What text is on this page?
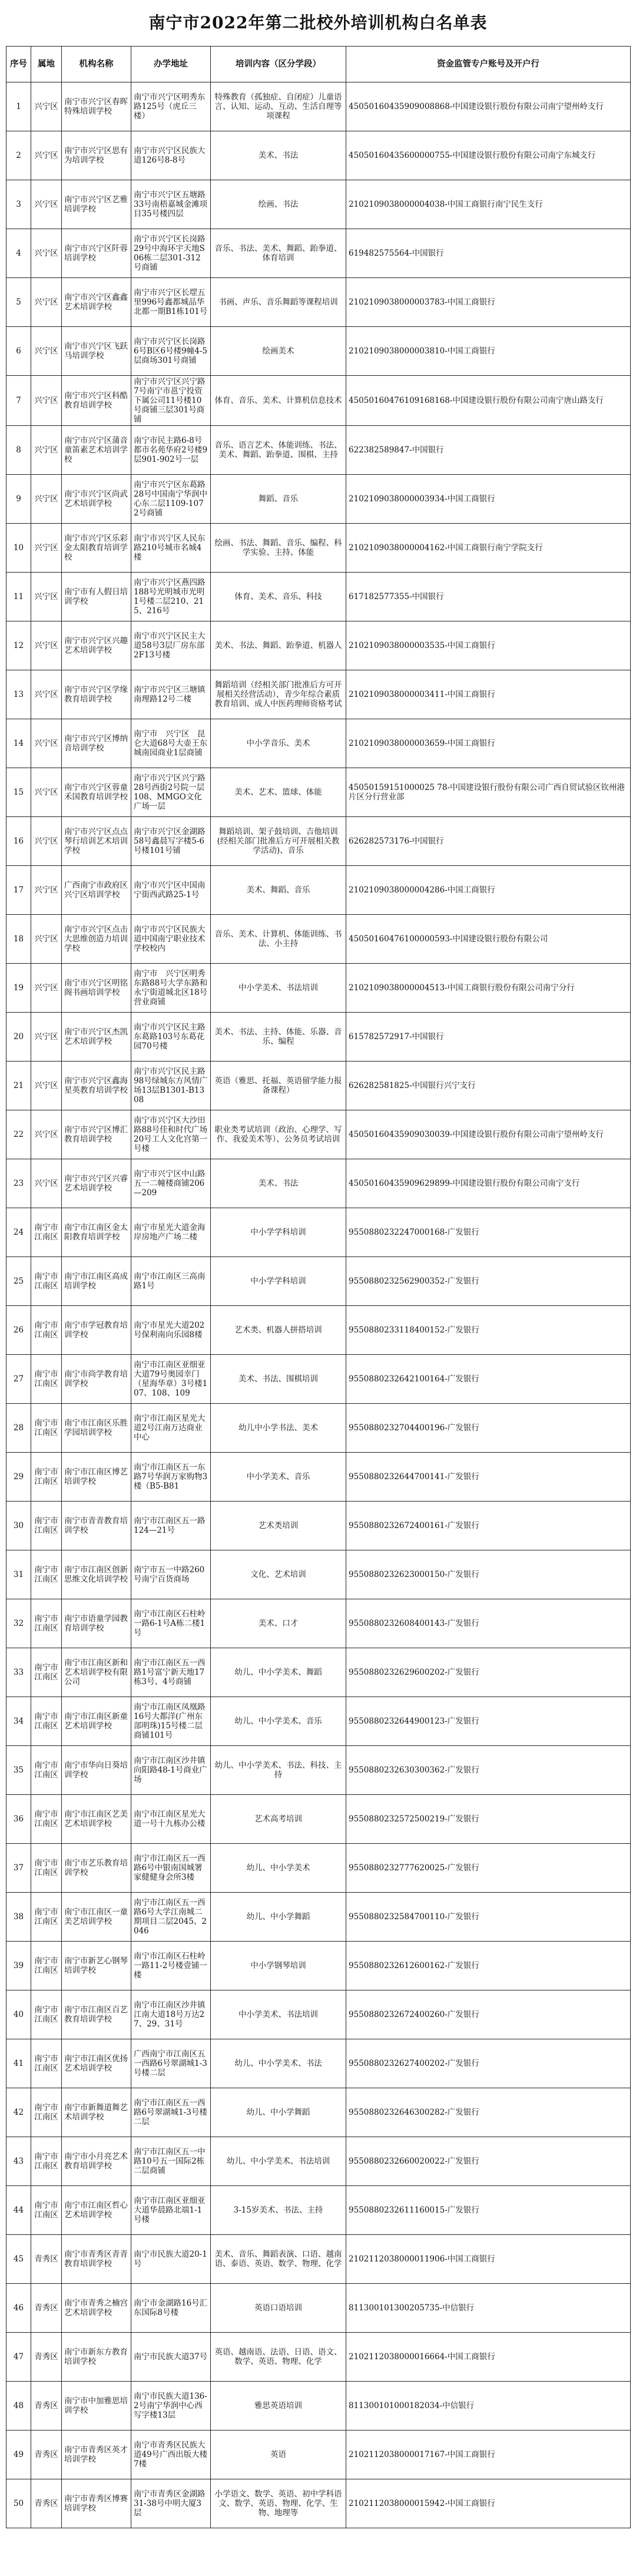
南宁市2022年第二批校外培训机构白名单表
序号	属地	机构名称	办学地址	培训内容（区分学段）	资金监管专户账号及开户行
1	兴宁区	南宁市兴宁区春晖特殊培训学校	南宁市兴宁区明秀东路125号（虎丘三楼）	特殊教育（孤独症、自闭症）儿童语言、认知、运动、互动、生活自理等项课程	45050160435909008868-中国建设银行股份有限公司南宁望州岭支行
2	兴宁区	南宁市兴宁区思有为培训学校	南宁市兴宁区民族大道126号8-8号	美术、书法	45050160435600000755-中国建设银行股份有限公司南宁东城支行
3	兴宁区	南宁市兴宁区艺雅培训学校	南宁市兴宁区五塘路33号南梧嘉城金滩项目35号楼四层	绘画、书法	2102109038000004038-中国工商银行南宁民生支行
4	兴宁区	南宁市兴宁区阡蓉培训学校	南宁市兴宁区长岗路29号中海环宇天地S06栋二层301-312号商铺	音乐、书法、美术、舞蹈、跆拳道、体育培训	619482575564-中国银行
5	兴宁区	南宁市兴宁区鑫鑫艺术培训学校	南宁市兴宁区长堽五里996号鑫都城品华北都一期B1栋101号	书画、声乐、音乐舞蹈等课程培训	2102109038000003783-中国工商银行
6	兴宁区	南宁市兴宁区飞跃马培训学校	南宁市兴宁区长岗路6号B区6号楼9幢4-5层商场301号商铺	绘画美术	2102109038000003810-中国工商银行
7	兴宁区	南宁市兴宁区科酷教育培训学校	南宁市兴宁区兴宁路7号南宁市邕宁投资下属公司11号楼10号商铺三层301号商铺	体育、音乐、美术、计算机信息技术	45050160476109168168-中国建设银行股份有限公司南宁唐山路支行
8	兴宁区	南宁市兴宁区蒲音童笛素艺术培训学校	南宁市民主路6-8号都市名苑华府2号楼9层901-902号一层	音乐、语言艺术、体能训练、书法、美术、舞蹈、跆拳道、围棋、主持	622382589847-中国银行
9	兴宁区	南宁市兴宁区尚武艺术培训学校	南宁市兴宁区东葛路28号中国南宁华润中心东二层1109-1072号商铺	舞蹈、音乐	2102109038000003934-中国工商银行
10	兴宁区	南宁市兴宁区乐彩金太阳教育培训学校	南宁市兴宁区人民东路210号城市名城4楼	绘画、书法、舞蹈、音乐、编程、科学实验、主持、体能	2102109038000004162-中国工商银行南宁学院支行
11	兴宁区	南宁市有人假日培训学校	南宁市兴宁区燕四路188号光明城市光明1号楼二层210、215、216号	体育、美术、音乐、科技	617182577355-中国银行
12	兴宁区	南宁市兴宁区兴趣艺术培训学校	南宁市兴宁区民主大道58号3层厂房东部2F13号楼	美术、书法、舞蹈、跆拳道、机器人	2102109038000003535-中国工商银行
13	兴宁区	南宁市兴宁区学缘教育培训学校	南宁市兴宁区三塘镇南理路12号二楼	舞蹈培训（经相关部门批准后方可开展相关经营活动），青少年综合素质教育培训、成人中医药理师资格考试	2102109038000003411-中国工商银行
14	兴宁区	南宁市兴宁区博纳音培训学校	南宁市　兴宁区　昆仑大道68号大壶王东城南园商业1层商铺	中小学音乐、美术	2102109038000003659-中国工商银行
15	兴宁区	南宁市兴宁区蓉童禾国教育培训学校	南宁市兴宁区兴宁路28号西街2号院一层108、MMGO文化广场一层	美术、艺术、篮球、体能	45050159151000025 78-中国建设银行股份有限公司广西自贸试验区钦州港片区分行营业部
16	兴宁区	南宁市兴宁区点点琴行培训艺术培训学校	南宁市兴宁区金湖路58号鑫晨写字楼5-6号楼101号铺	舞蹈培训、架子鼓培训、吉他培训(经相关部门批准后方可开展相关教学活动)、音乐	626282573176-中国银行
17	兴宁区	广西南宁市政府区兴宁区培训学校	南宁市兴宁区中国南宁街西武路25-1号	美术、舞蹈、音乐	2102109038000004286-中国工商银行
18	兴宁区	南宁市兴宁区点击大思维创造力培训学校	南宁市兴宁区民族大道中国南宁职业技术学校校内	音乐、美术、计算机、体能训练、书法、小主持	45050160476100000593-中国建设银行股份有限公司
19	兴宁区	南宁市兴宁区明铭阁书画培训学校	南宁市　兴宁区明秀东路88号大学东路和永宁街道城北区18号营业商铺	中小学美术、书法培训	2102109038000004513-中国工商银行股份有限公司南宁分行
20	兴宁区	南宁市兴宁区杰凯艺术培训学校	南宁市兴宁区民主路东葛路103号东葛花园70号楼	美术、书法、主持、体能、乐器、音乐、编程	615782572917-中国银行
21	兴宁区	南宁市兴宁区鑫海星英教育培训学校	南宁市兴宁区民主路98号绿城东方风情广场13层B1301-B1308	英语（雅思、托福、英语留学能力报备课程）	626282581825-中国银行兴宁支行
22	兴宁区	南宁市兴宁区博汇教育培训学校	南宁市兴宁区大沙田路88号佳和时代广场20号工人文化宫第一号楼	职业类考试培训（政治、心理学、写作、我爱美术等）、公务员考试培训	45050160435909030039-中国建设银行股份有限公司南宁望州岭支行
23	兴宁区	南宁市兴宁区兴睿艺术培训学校	南宁市兴宁区中山路五一二幢楼商铺206—209	美术、书法	45050160435909629899-中国建设银行股份有限公司南宁支行
24	南宁市江南区	南宁市江南区金太阳教育培训学校	南宁市星光大道金海岸房地产广场二楼	中小学学科培训	9550880232247000168-广发银行
25	南宁市江南区	南宁市江南区高成培训学校	南宁市江南区三高南路1号	中小学学科培训	9550880232562900352-广发银行
26	南宁市江南区	南宁市学冠教育培训学校	南宁市星光大道202号保利南向乐园8楼	艺术类、机器人拼搭培训	9550880233118400152-广发银行
27	南宁市江南区	南宁市尚学教育培训学校	南宁市江南区亚细亚大道79号奥园幸门（星海华章）3号楼107、108、109	美术、书法、围棋培训	9550880232642100164-广发银行
28	南宁市江南区	南宁市江南区乐胜学园培训学校	南宁市江南区星光大道2号江南万达商业中心	幼儿中小学书法、美术	9550880232704400196-广发银行
29	南宁市江南区	南宁市江南区博艺培训学校	南宁市江南区五一东路7号华润万家购物3楼（B5-B81	中小学美术、音乐	9550880232644700141-广发银行
30	南宁市江南区	南宁市青青教育培训学校	南宁市江南区五一路124—21号	艺术类培训	9550880232672400161-广发银行
31	南宁市江南区	南宁市江南区创新思维文化培训学校	南宁市五一中路260号南宁百货商场	文化、艺术培训	9550880232623000150-广发银行
32	南宁市江南区	南宁市语童学园教育培训学校	南宁市江南区石柱岭一路6-1号A栋二楼1号	美术、口才	9550880232608400143-广发银行
33	南宁市江南区	南宁市江南区新和艺术培训学校有限公司	南宁市江南区五一西路1号富宁新天地17栋3号、4号商铺	幼儿、中小学美术、舞蹈	9550880232629600202-广发银行
34	南宁市江南区	南宁市江南区新童艺术培训学校	南宁市江南区凤凰路16号大都洋(广州东部明珠)15号楼二层商铺101号	幼儿、中小学美术、音乐	9550880232644900123-广发银行
35	南宁市江南区	南宁市华向日葵培训学校	南宁市江南区沙井镇向阳路48-1号商业广场	幼儿、中小学美术、书法、科技、主持	9550880232630300362-广发银行
36	南宁市江南区	南宁市江南区艺美艺术培训学校	南宁市江南区星光大道一号十九栋办公楼	艺术高考培训	9550880232572500219-广发银行
37	南宁市江南区	南宁市艺乐教育培训学校	南宁市江南区五一西路6号中银南国城署家健健身会所3楼	幼儿、中小学美术	9550880232777620025-广发银行
38	南宁市江南区	南宁市江南区一童美艺培训学校	南宁市江南区五一西路6号大学江南城二期项目二层2045、2046	幼儿、中小学舞蹈	9550880232584700110-广发银行
39	南宁市江南区	南宁市新艺心钢琴培训学校	南宁市江南区石柱岭一路11-2号楼壹铺一楼	中小学钢琴培训	9550880232612600162-广发银行
40	南宁市江南区	南宁市江南区百艺教育培训学校	南宁市江南区沙井镇江南大道18号万达27、29、31号	中小学美术、书法培训	9550880232672400260-广发银行
41	南宁市江南区	南宁市江南区优扬艺术培训学校	广西南宁市江南区五一西路6号翠湖城1-3号楼二层	幼儿、中小学美术、书法	9550880232627400202-广发银行
42	南宁市江南区	南宁市新舞道舞艺术培训学校	南宁市江南区五一西路6号翠湖城1-3号楼二层	幼儿、中小学舞蹈	9550880232646300282-广发银行
43	南宁市江南区	南宁市小月亮艺术教育培训学校	南宁市江南区五一中路10号五一国际2栋二层商铺	幼儿、中小学美术、书法培训	9550880232660020022-广发银行
44	南宁市江南区	南宁市江南区哲心艺术培训学校	南宁市江南区亚细亚大道华晨路北端1-1号楼	3-15岁美术、书法、主持	9550880232611160015-广发银行
45	青秀区	南宁市青秀区青青教育培训学校	南宁市民族大道20-1号	美术、音乐、舞蹈表演、口语、越南语、泰语、英语、数学、物理、化学	2102112038000011906-中国工商银行
46	青秀区	南宁市青秀之楠宫艺术培训学校	南宁市金湖路16号汇东国际8号楼	英语口语培训	811300101300205735-中信银行
47	青秀区	南宁市新东方教育培训学校	南宁市民族大道37号	英语、越南语、法语、日语、语文、数学、英语、物理、化学	2102112038000016664-中国工商银行
48	青秀区	南宁市中加雅思培训学校	南宁市民族大道136-2号南宁华润中心西写字楼13层	雅思英语培训	811300101000182034-中信银行
49	青秀区	南宁市青秀区英才培训学校	南宁市青秀区民族大道49号广西出版大楼7楼	英语	2102112038000017167-中国工商银行
50	青秀区	南宁市青秀区博赛培训学校	南宁市青秀区金湖路31-38号中明大厦3层	小学语文、数学、英语、初中学科语文、数学、英语、物理、化学、生物、地理等	2102112038000015942-中国工商银行
